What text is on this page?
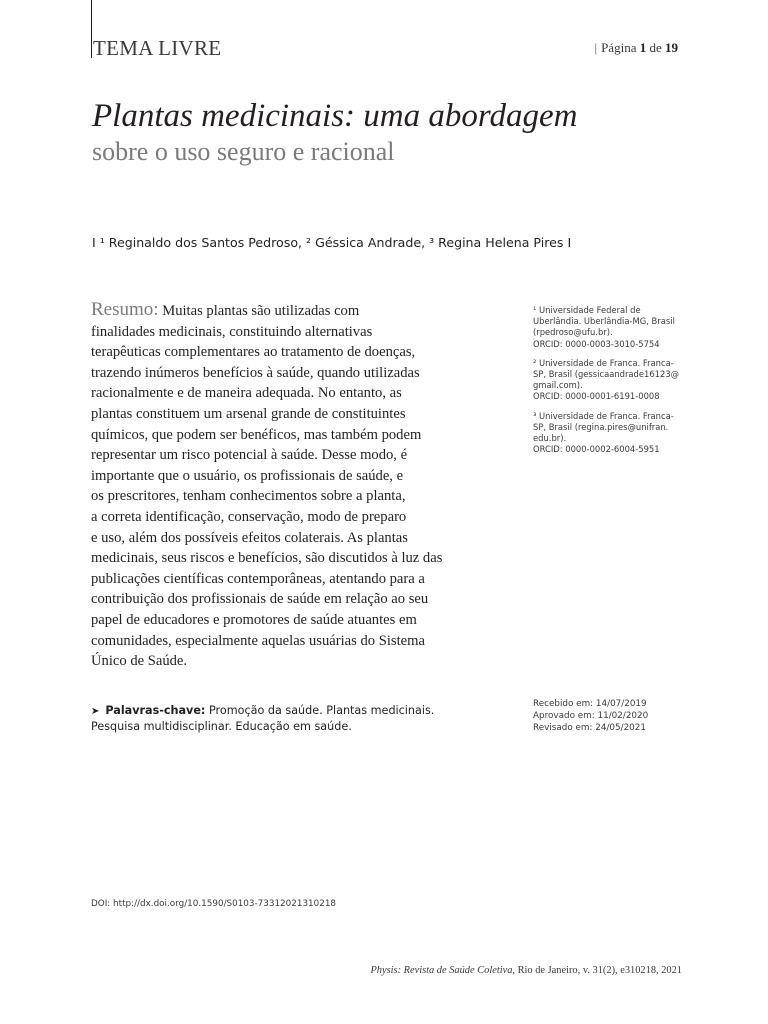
TEMA LIVRE	| Página 1 de 19
Plantas medicinais: uma abordagem
sobre o uso seguro e racional
I ¹ Reginaldo dos Santos Pedroso, ² Géssica Andrade, ³ Regina Helena Pires I
Resumo: Muitas plantas são utilizadas com
finalidades medicinais, constituindo alternativas
terapêuticas complementares ao tratamento de doenças,
trazendo inúmeros benefícios à saúde, quando utilizadas
racionalmente e de maneira adequada. No entanto, as
plantas constituem um arsenal grande de constituintes
químicos, que podem ser benéficos, mas também podem
representar um risco potencial à saúde. Desse modo, é
importante que o usuário, os profissionais de saúde, e
os prescritores, tenham conhecimentos sobre a planta,
a correta identificação, conservação, modo de preparo
e uso, além dos possíveis efeitos colaterais. As plantas
medicinais, seus riscos e benefícios, são discutidos à luz das
publicações científicas contemporâneas, atentando para a
contribuição dos profissionais de saúde em relação ao seu
papel de educadores e promotores de saúde atuantes em
comunidades, especialmente aquelas usuárias do Sistema
Único de Saúde.
➤ Palavras-chave: Promoção da saúde. Plantas medicinais.
Pesquisa multidisciplinar. Educação em saúde.
¹ Universidade Federal de
Uberlândia. Uberlândia-MG, Brasil
(rpedroso@ufu.br).
ORCID: 0000-0003-3010-5754
² Universidade de Franca. Franca-
SP, Brasil (gessicaandrade16123@
gmail.com).
ORCID: 0000-0001-6191-0008
³ Universidade de Franca. Franca-
SP, Brasil (regina.pires@unifran.
edu.br).
ORCID: 0000-0002-6004-5951
Recebido em: 14/07/2019
Aprovado em: 11/02/2020
Revisado em: 24/05/2021
DOI: http://dx.doi.org/10.1590/S0103-73312021310218
Physis: Revista de Saúde Coletiva, Rio de Janeiro, v. 31(2), e310218, 2021
